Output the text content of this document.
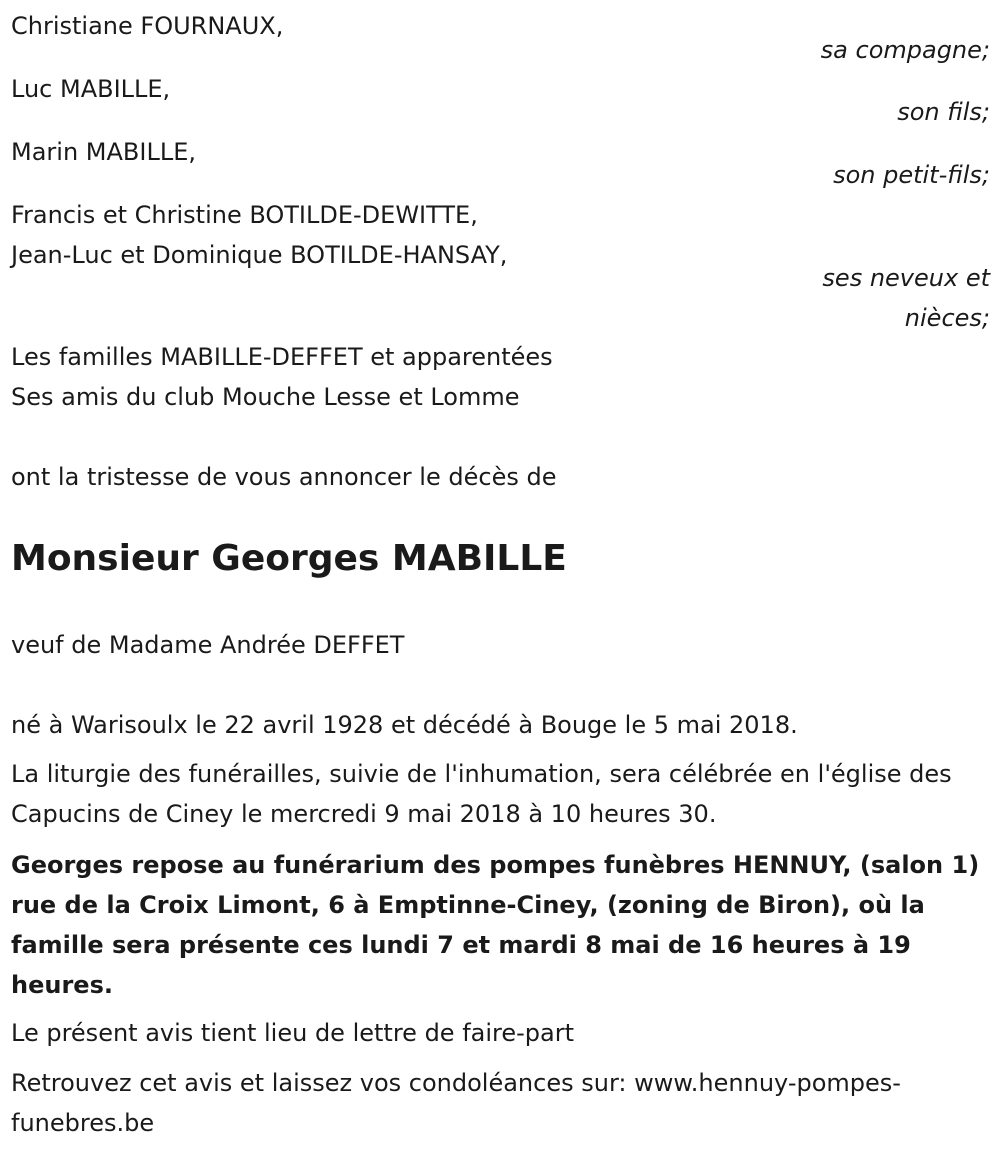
Christiane FOURNAUX,
sa compagne;
Luc MABILLE,
son fils;
Marin MABILLE,
son petit-fils;
Francis et Christine BOTILDE-DEWITTE,
Jean-Luc et Dominique BOTILDE-HANSAY,
ses neveux et
nièces;
Les familles MABILLE-DEFFET et apparentées
Ses amis du club Mouche Lesse et Lomme
ont la tristesse de vous annoncer le décès de
Monsieur Georges MABILLE
veuf de Madame Andrée DEFFET
né à Warisoulx le 22 avril 1928 et décédé à Bouge le 5 mai 2018.
La liturgie des funérailles, suivie de l'inhumation, sera célébrée en l'église des Capucins de Ciney le mercredi 9 mai 2018 à 10 heures 30.
Georges repose au funérarium des pompes funèbres HENNUY, (salon 1) rue de la Croix Limont, 6 à Emptinne-Ciney, (zoning de Biron), où la famille sera présente ces lundi 7 et mardi 8 mai de 16 heures à 19 heures.
Le présent avis tient lieu de lettre de faire-part
Retrouvez cet avis et laissez vos condoléances sur: www.hennuy-pompes-funebres.be
